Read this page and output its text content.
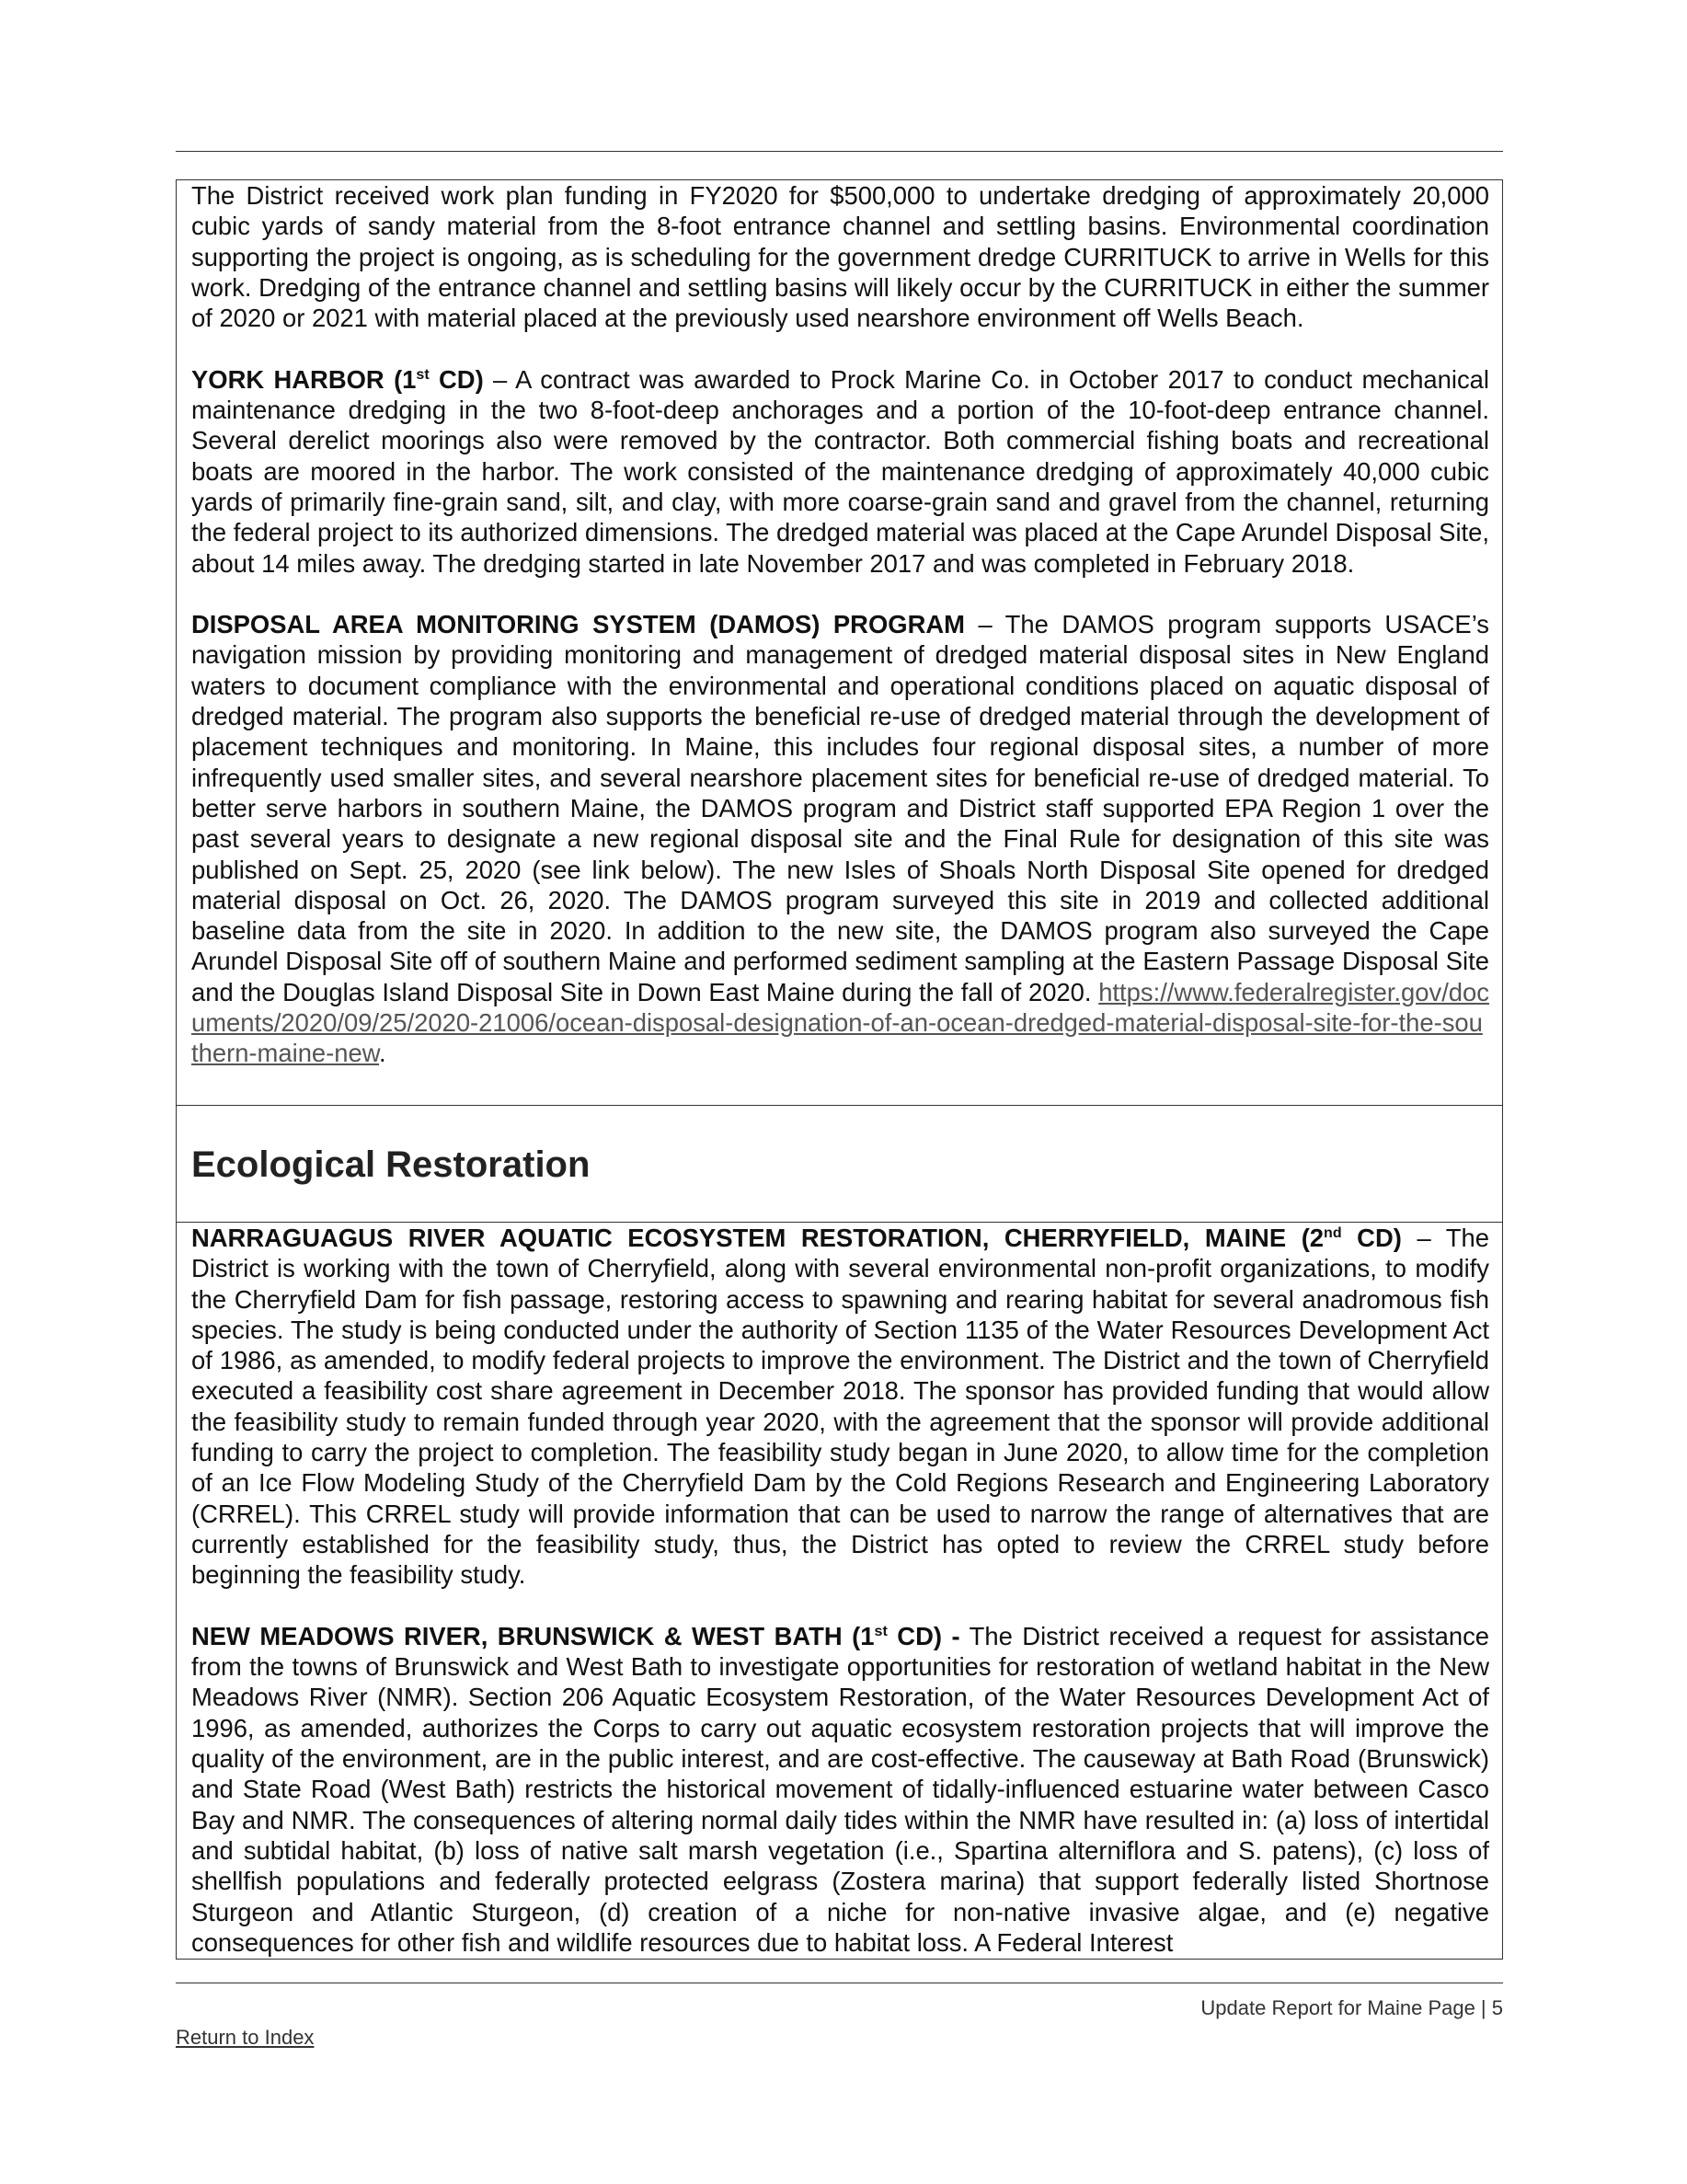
The District received work plan funding in FY2020 for $500,000 to undertake dredging of approximately 20,000 cubic yards of sandy material from the 8-foot entrance channel and settling basins. Environmental coordination supporting the project is ongoing, as is scheduling for the government dredge CURRITUCK to arrive in Wells for this work. Dredging of the entrance channel and settling basins will likely occur by the CURRITUCK in either the summer of 2020 or 2021 with material placed at the previously used nearshore environment off Wells Beach.

YORK HARBOR (1st CD) – A contract was awarded to Prock Marine Co. in October 2017 to conduct mechanical maintenance dredging in the two 8-foot-deep anchorages and a portion of the 10-foot-deep entrance channel. Several derelict moorings also were removed by the contractor. Both commercial fishing boats and recreational boats are moored in the harbor. The work consisted of the maintenance dredging of approximately 40,000 cubic yards of primarily fine-grain sand, silt, and clay, with more coarse-grain sand and gravel from the channel, returning the federal project to its authorized dimensions. The dredged material was placed at the Cape Arundel Disposal Site, about 14 miles away. The dredging started in late November 2017 and was completed in February 2018.

DISPOSAL AREA MONITORING SYSTEM (DAMOS) PROGRAM – The DAMOS program supports USACE’s navigation mission by providing monitoring and management of dredged material disposal sites in New England waters to document compliance with the environmental and operational conditions placed on aquatic disposal of dredged material. The program also supports the beneficial re-use of dredged material through the development of placement techniques and monitoring. In Maine, this includes four regional disposal sites, a number of more infrequently used smaller sites, and several nearshore placement sites for beneficial re-use of dredged material. To better serve harbors in southern Maine, the DAMOS program and District staff supported EPA Region 1 over the past several years to designate a new regional disposal site and the Final Rule for designation of this site was published on Sept. 25, 2020 (see link below). The new Isles of Shoals North Disposal Site opened for dredged material disposal on Oct. 26, 2020. The DAMOS program surveyed this site in 2019 and collected additional baseline data from the site in 2020. In addition to the new site, the DAMOS program also surveyed the Cape Arundel Disposal Site off of southern Maine and performed sediment sampling at the Eastern Passage Disposal Site and the Douglas Island Disposal Site in Down East Maine during the fall of 2020. https://www.federalregister.gov/documents/2020/09/25/2020-21006/ocean-disposal-designation-of-an-ocean-dredged-material-disposal-site-for-the-southern-maine-new.

Ecological Restoration

NARRAGUAGUS RIVER AQUATIC ECOSYSTEM RESTORATION, CHERRYFIELD, MAINE (2nd CD) – The District is working with the town of Cherryfield, along with several environmental non-profit organizations, to modify the Cherryfield Dam for fish passage, restoring access to spawning and rearing habitat for several anadromous fish species. The study is being conducted under the authority of Section 1135 of the Water Resources Development Act of 1986, as amended, to modify federal projects to improve the environment. The District and the town of Cherryfield executed a feasibility cost share agreement in December 2018. The sponsor has provided funding that would allow the feasibility study to remain funded through year 2020, with the agreement that the sponsor will provide additional funding to carry the project to completion. The feasibility study began in June 2020, to allow time for the completion of an Ice Flow Modeling Study of the Cherryfield Dam by the Cold Regions Research and Engineering Laboratory (CRREL). This CRREL study will provide information that can be used to narrow the range of alternatives that are currently established for the feasibility study, thus, the District has opted to review the CRREL study before beginning the feasibility study.

NEW MEADOWS RIVER, BRUNSWICK & WEST BATH (1st CD) - The District received a request for assistance from the towns of Brunswick and West Bath to investigate opportunities for restoration of wetland habitat in the New Meadows River (NMR). Section 206 Aquatic Ecosystem Restoration, of the Water Resources Development Act of 1996, as amended, authorizes the Corps to carry out aquatic ecosystem restoration projects that will improve the quality of the environment, are in the public interest, and are cost-effective. The causeway at Bath Road (Brunswick) and State Road (West Bath) restricts the historical movement of tidally-influenced estuarine water between Casco Bay and NMR. The consequences of altering normal daily tides within the NMR have resulted in: (a) loss of intertidal and subtidal habitat, (b) loss of native salt marsh vegetation (i.e., Spartina alterniflora and S. patens), (c) loss of shellfish populations and federally protected eelgrass (Zostera marina) that support federally listed Shortnose Sturgeon and Atlantic Sturgeon, (d) creation of a niche for non-native invasive algae, and (e) negative consequences for other fish and wildlife resources due to habitat loss. A Federal Interest

Update Report for Maine Page | 5
Return to Index
